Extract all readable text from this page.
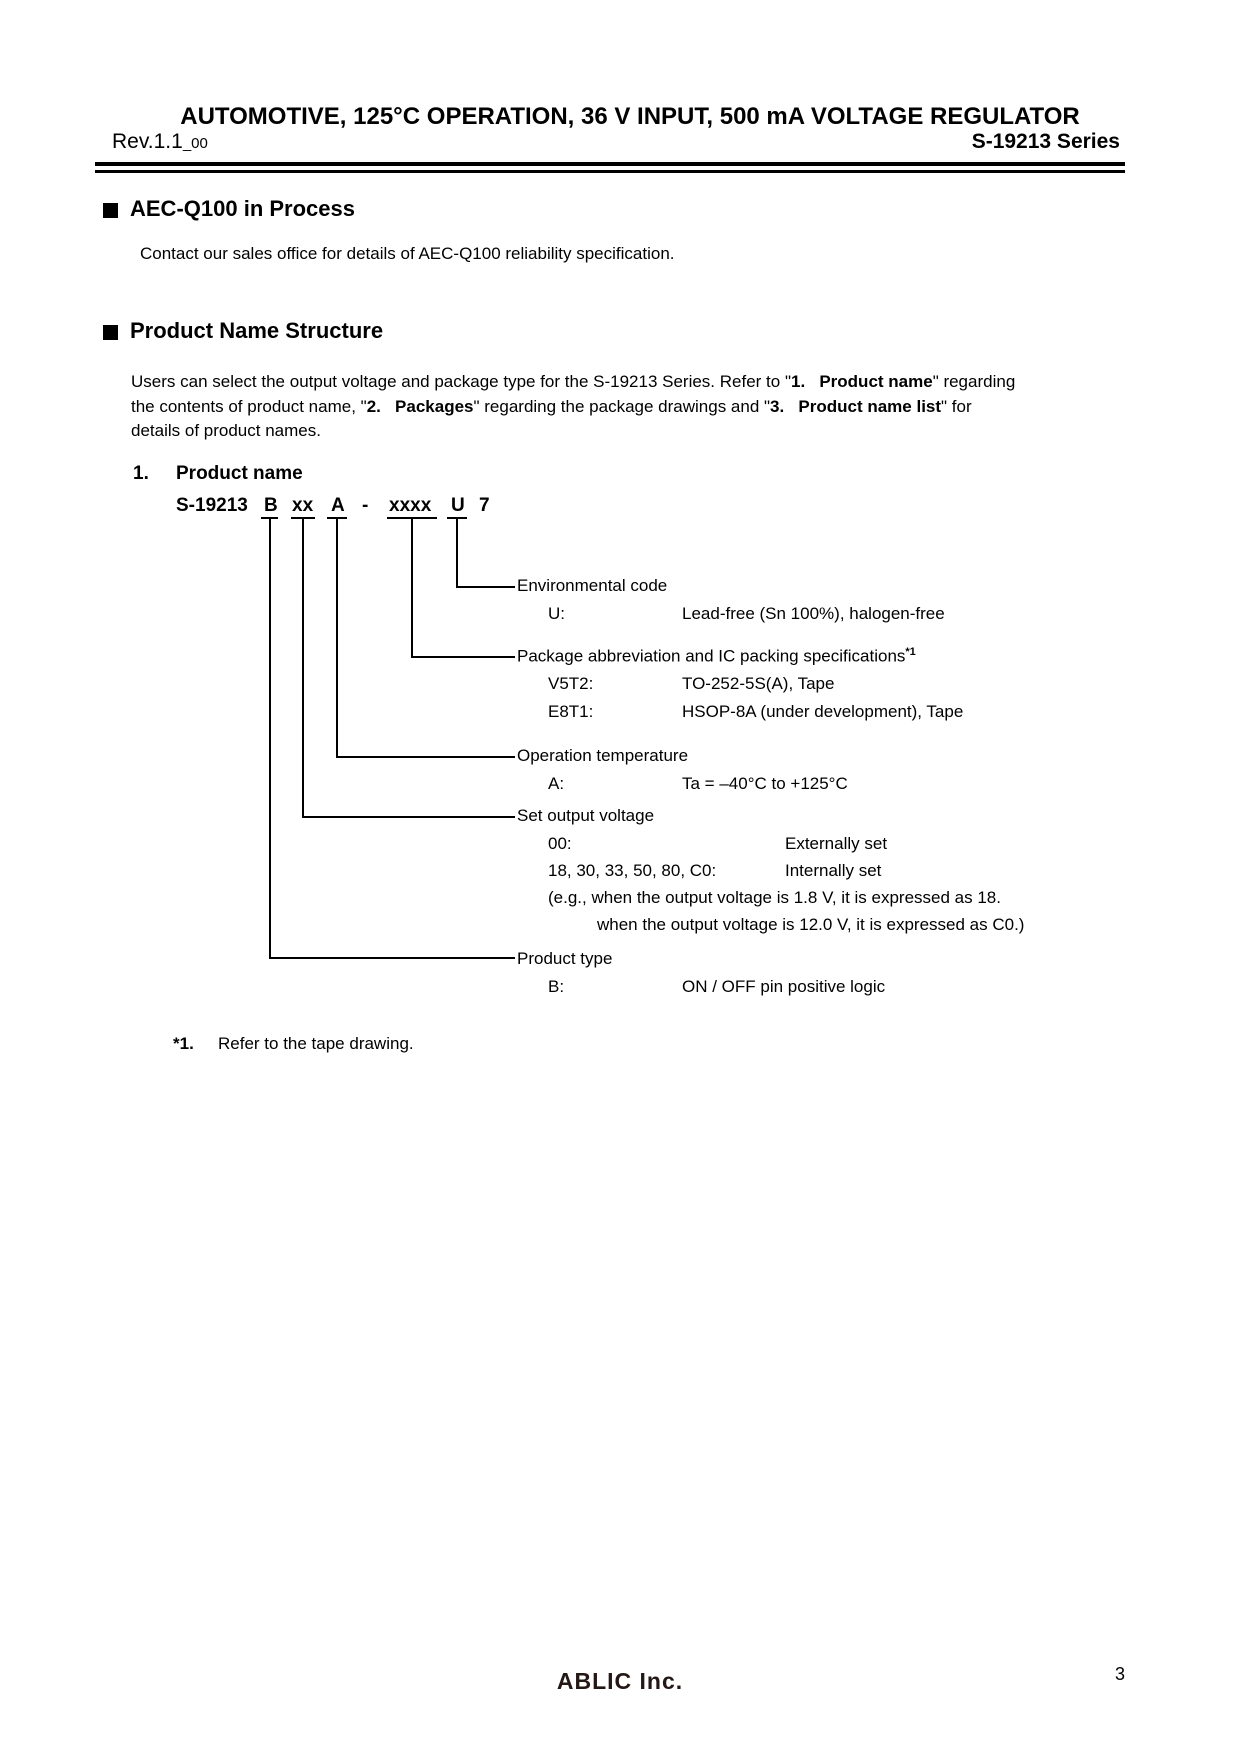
AUTOMOTIVE, 125°C OPERATION, 36 V INPUT, 500 mA VOLTAGE REGULATOR
Rev.1.1_00	S-19213 Series
AEC-Q100 in Process
Contact our sales office for details of AEC-Q100 reliability specification.
Product Name Structure
Users can select the output voltage and package type for the S-19213 Series. Refer to "1.   Product name" regarding
the contents of product name, "2.   Packages" regarding the package drawings and "3.   Product name list" for
details of product names.
1. Product name
S-19213 B xx A - xxxx U 7
Environmental code
U:	Lead-free (Sn 100%), halogen-free
Package abbreviation and IC packing specifications$^{*1}$
V5T2:	TO-252-5S(A), Tape
E8T1:	HSOP-8A (under development), Tape
Operation temperature
A:	Ta = –40°C to +125°C
Set output voltage
00:	Externally set
18, 30, 33, 50, 80, C0:	Internally set
(e.g., when the output voltage is 1.8 V, it is expressed as 18.
when the output voltage is 12.0 V, it is expressed as C0.)
Product type
B:	ON / OFF pin positive logic
*1. Refer to the tape drawing.
ABLIC Inc.	3
